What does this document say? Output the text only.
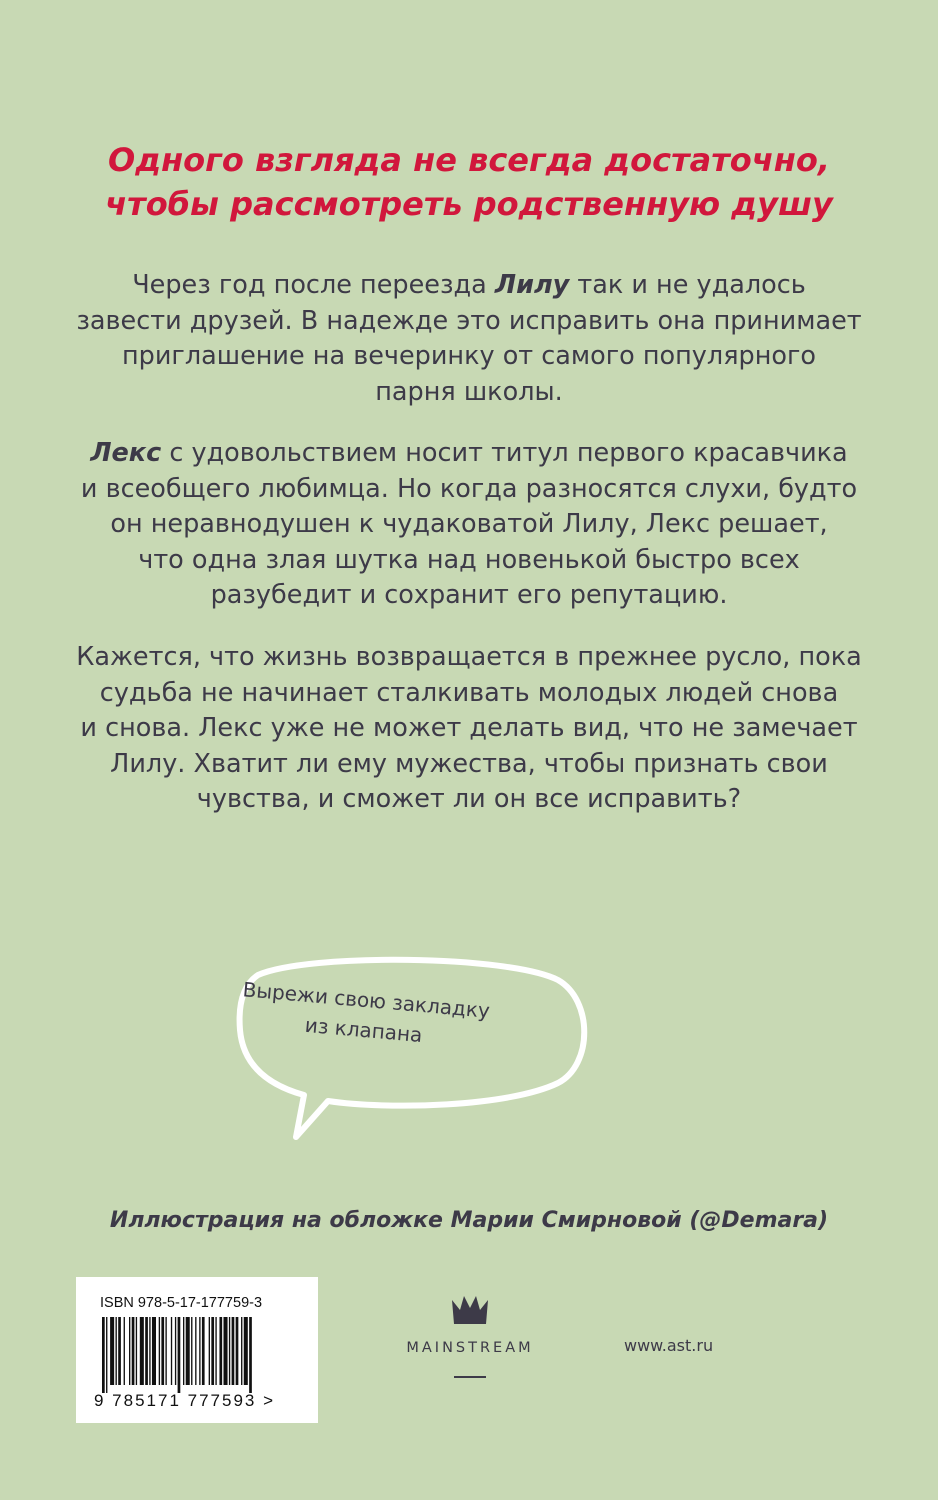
Одного взгляда не всегда достаточно,
чтобы рассмотреть родственную душу
Через год после переезда Лилу так и не удалось
завести друзей. В надежде это исправить она принимает
приглашение на вечеринку от самого популярного
парня школы.
Лекс с удовольствием носит титул первого красавчика
и всеобщего любимца. Но когда разносятся слухи, будто
он неравнодушен к чудаковатой Лилу, Лекс решает,
что одна злая шутка над новенькой быстро всех
разубедит и сохранит его репутацию.
Кажется, что жизнь возвращается в прежнее русло, пока
судьба не начинает сталкивать молодых людей снова
и снова. Лекс уже не может делать вид, что не замечает
Лилу. Хватит ли ему мужества, чтобы признать свои
чувства, и сможет ли он все исправить?
Вырежи свою закладку
из клапана
Иллюстрация на обложке Марии Смирновой (@Demara)
ISBN 978-5-17-177759-3
9 785171 777593 >
MAINSTREAM	www.ast.ru
